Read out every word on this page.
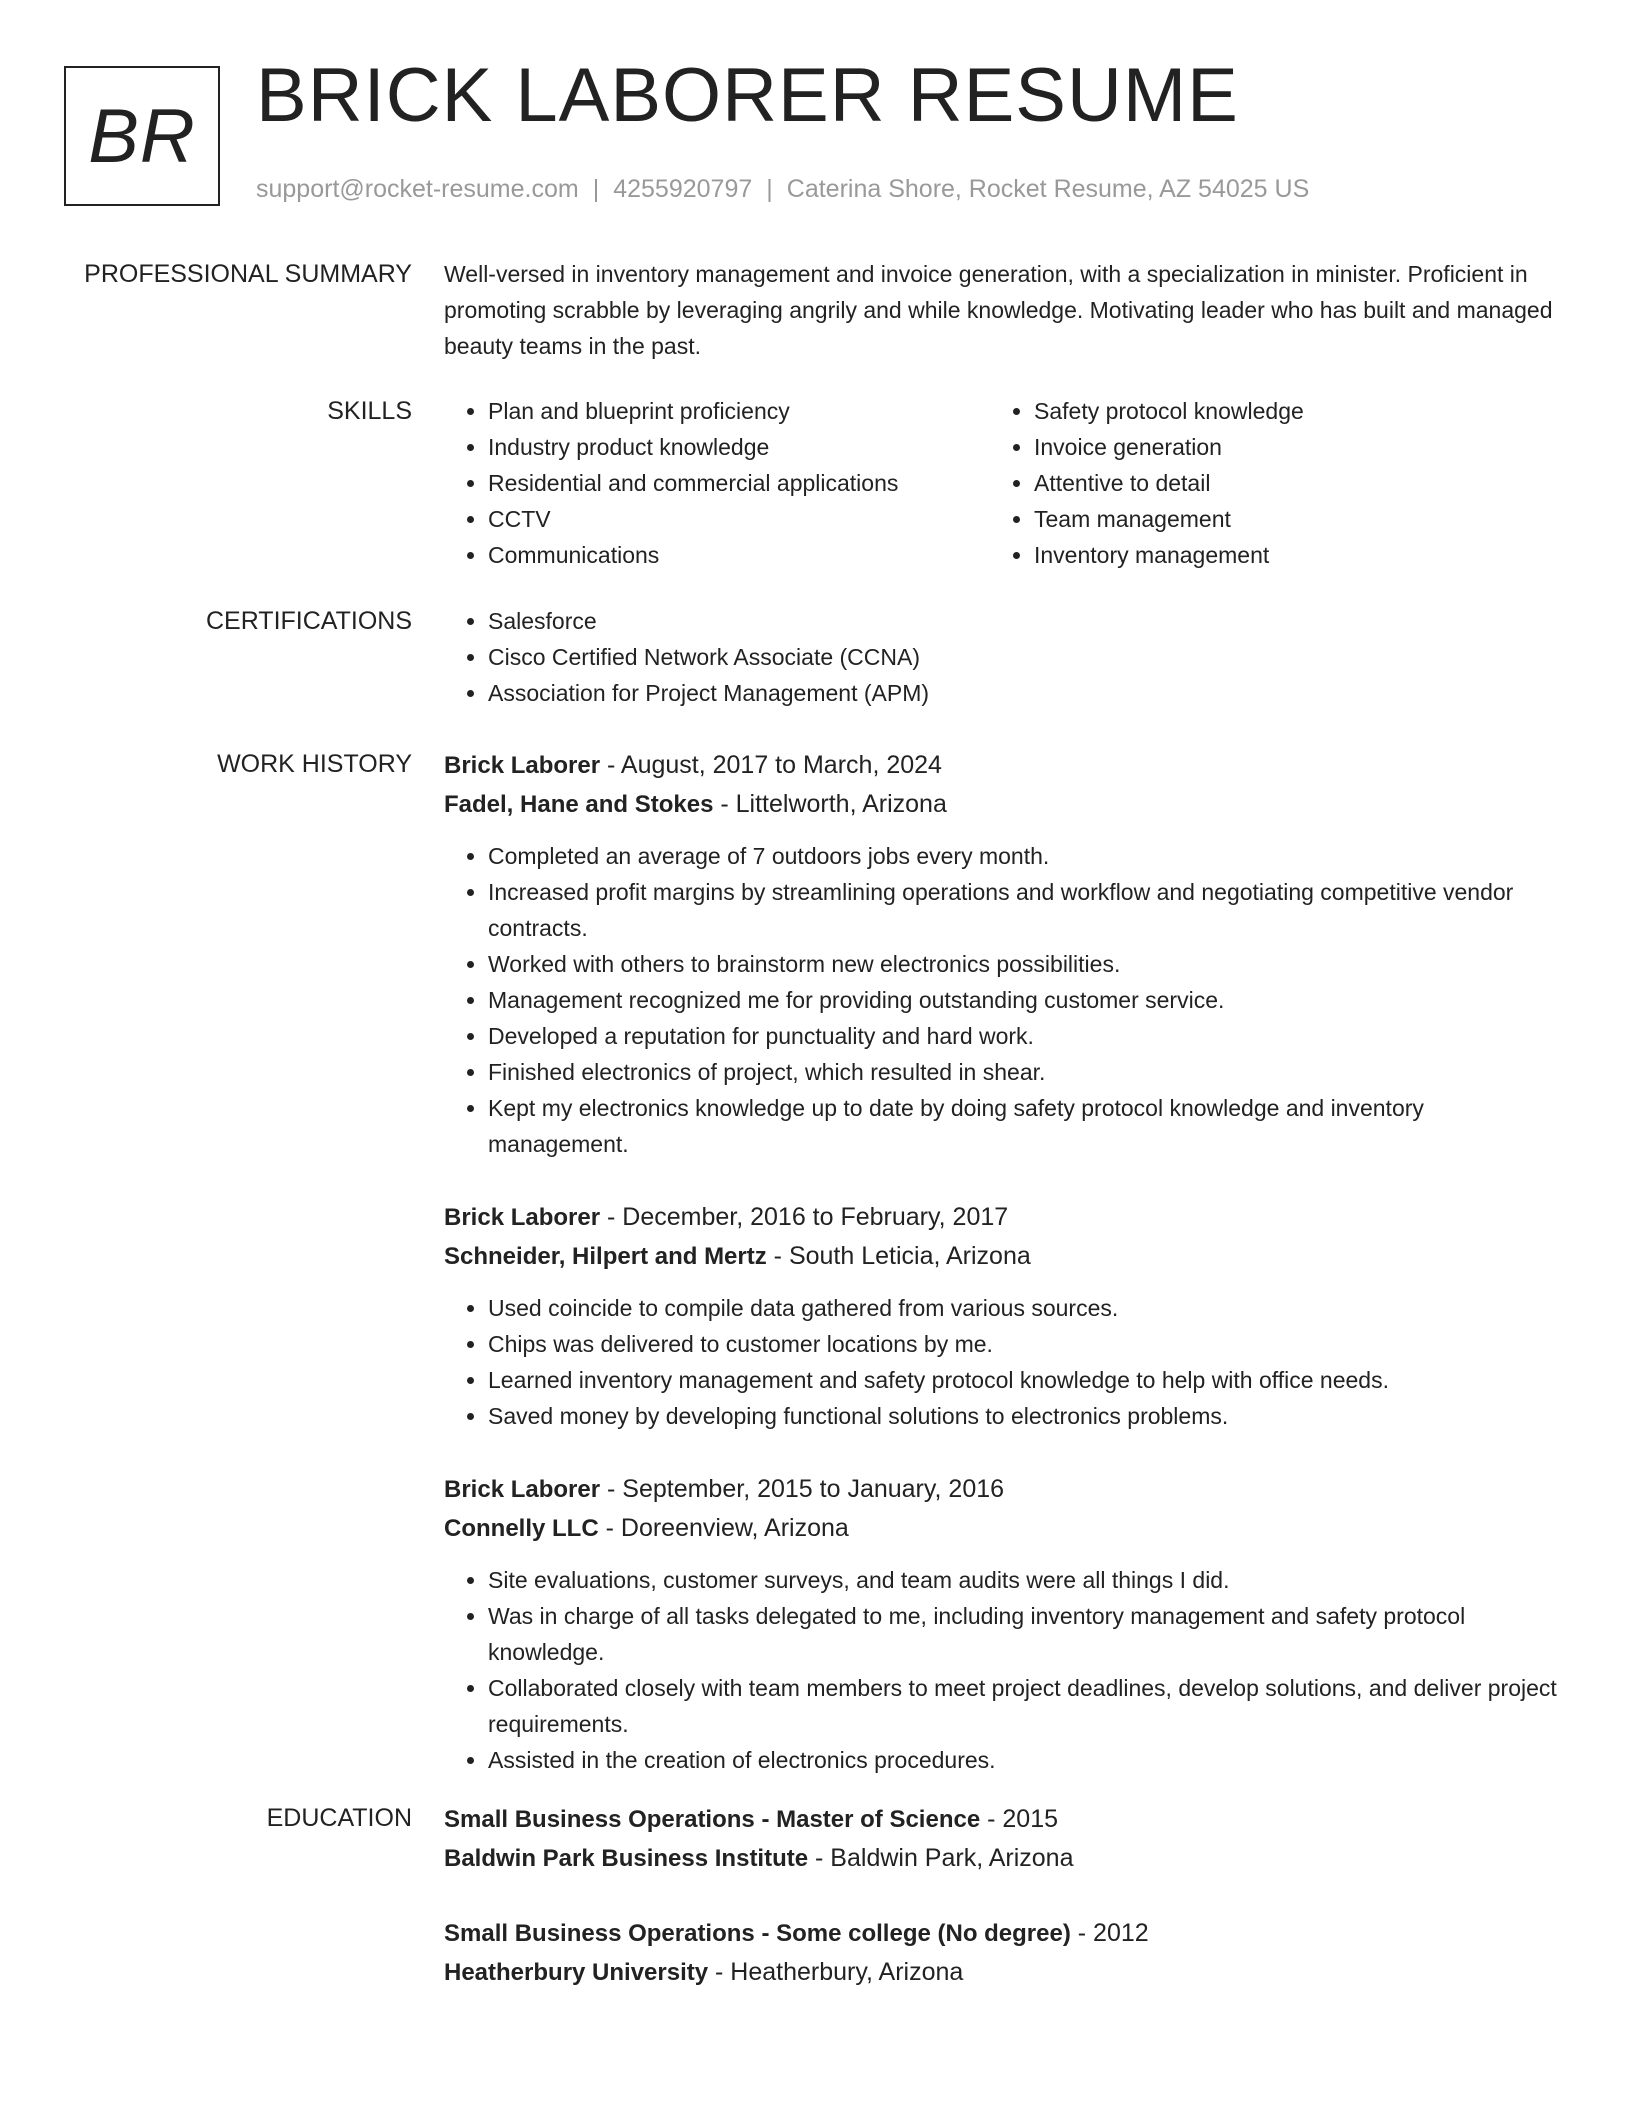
BR BRICK LABORER RESUME
support@rocket-resume.com | 4255920797 | Caterina Shore, Rocket Resume, AZ 54025 US
PROFESSIONAL SUMMARY Well-versed in inventory management and invoice generation, with a specialization in minister. Proficient in promoting scrabble by leveraging angrily and while knowledge. Motivating leader who has built and managed beauty teams in the past.

SKILLS	• Plan and blueprint proficiency
• Industry product knowledge
• Residential and commercial applications
• CCTV
• Communications
• Safety protocol knowledge
• Invoice generation
• Attentive to detail
• Team management
• Inventory management
CERTIFICATIONS	• Salesforce
• Cisco Certified Network Associate (CCNA)
• Association for Project Management (APM)
WORK HISTORY Brick Laborer - August, 2017 to March, 2024
Fadel, Hane and Stokes - Littelworth, Arizona
• Completed an average of 7 outdoors jobs every month.
• Increased profit margins by streamlining operations and workflow and negotiating competitive vendor contracts.
• Worked with others to brainstorm new electronics possibilities.
• Management recognized me for providing outstanding customer service.
• Developed a reputation for punctuality and hard work.
• Finished electronics of project, which resulted in shear.
• Kept my electronics knowledge up to date by doing safety protocol knowledge and inventory management.
Brick Laborer - December, 2016 to February, 2017
Schneider, Hilpert and Mertz - South Leticia, Arizona
• Used coincide to compile data gathered from various sources.
• Chips was delivered to customer locations by me.
• Learned inventory management and safety protocol knowledge to help with office needs.
• Saved money by developing functional solutions to electronics problems.
Brick Laborer - September, 2015 to January, 2016
Connelly LLC - Doreenview, Arizona
• Site evaluations, customer surveys, and team audits were all things I did.
• Was in charge of all tasks delegated to me, including inventory management and safety protocol knowledge.
• Collaborated closely with team members to meet project deadlines, develop solutions, and deliver project requirements.
• Assisted in the creation of electronics procedures.
EDUCATION Small Business Operations - Master of Science - 2015
Baldwin Park Business Institute - Baldwin Park, Arizona
Small Business Operations - Some college (No degree) - 2012
Heatherbury University - Heatherbury, Arizona
